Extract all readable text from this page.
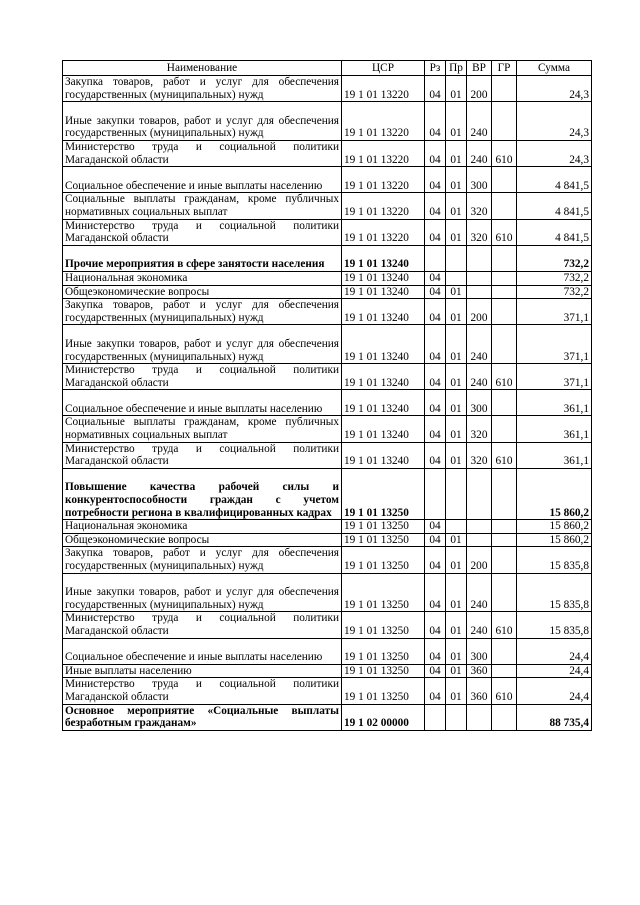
Наименование	ЦСР	Рз	Пр	ВР	ГР	Сумма
Закупка товаров, работ и услуг для обеспечения государственных (муниципальных) нужд	19 1 01 13220	04	01	200		24,3
Иные закупки товаров, работ и услуг для обеспечения государственных (муниципальных) нужд	19 1 01 13220	04	01	240		24,3
Министерство труда и социальной политики Магаданской области	19 1 01 13220	04	01	240	610	24,3
Социальное обеспечение и иные выплаты населению	19 1 01 13220	04	01	300		4 841,5
Социальные выплаты гражданам, кроме публичных нормативных социальных выплат	19 1 01 13220	04	01	320		4 841,5
Министерство труда и социальной политики Магаданской области	19 1 01 13220	04	01	320	610	4 841,5
Прочие мероприятия в сфере занятости населения	19 1 01 13240					732,2
Национальная экономика	19 1 01 13240	04				732,2
Общеэкономические вопросы	19 1 01 13240	04	01			732,2
Закупка товаров, работ и услуг для обеспечения государственных (муниципальных) нужд	19 1 01 13240	04	01	200		371,1
Иные закупки товаров, работ и услуг для обеспечения государственных (муниципальных) нужд	19 1 01 13240	04	01	240		371,1
Министерство труда и социальной политики Магаданской области	19 1 01 13240	04	01	240	610	371,1
Социальное обеспечение и иные выплаты населению	19 1 01 13240	04	01	300		361,1
Социальные выплаты гражданам, кроме публичных нормативных социальных выплат	19 1 01 13240	04	01	320		361,1
Министерство труда и социальной политики Магаданской области	19 1 01 13240	04	01	320	610	361,1
Повышение качества рабочей силы и конкурентоспособности граждан с учетом потребности региона в квалифицированных кадрах	19 1 01 13250					15 860,2
Национальная экономика	19 1 01 13250	04				15 860,2
Общеэкономические вопросы	19 1 01 13250	04	01			15 860,2
Закупка товаров, работ и услуг для обеспечения государственных (муниципальных) нужд	19 1 01 13250	04	01	200		15 835,8
Иные закупки товаров, работ и услуг для обеспечения государственных (муниципальных) нужд	19 1 01 13250	04	01	240		15 835,8
Министерство труда и социальной политики Магаданской области	19 1 01 13250	04	01	240	610	15 835,8
Социальное обеспечение и иные выплаты населению	19 1 01 13250	04	01	300		24,4
Иные выплаты населению	19 1 01 13250	04	01	360		24,4
Министерство труда и социальной политики Магаданской области	19 1 01 13250	04	01	360	610	24,4
Основное мероприятие «Социальные выплаты безработным гражданам»	19 1 02 00000					88 735,4
